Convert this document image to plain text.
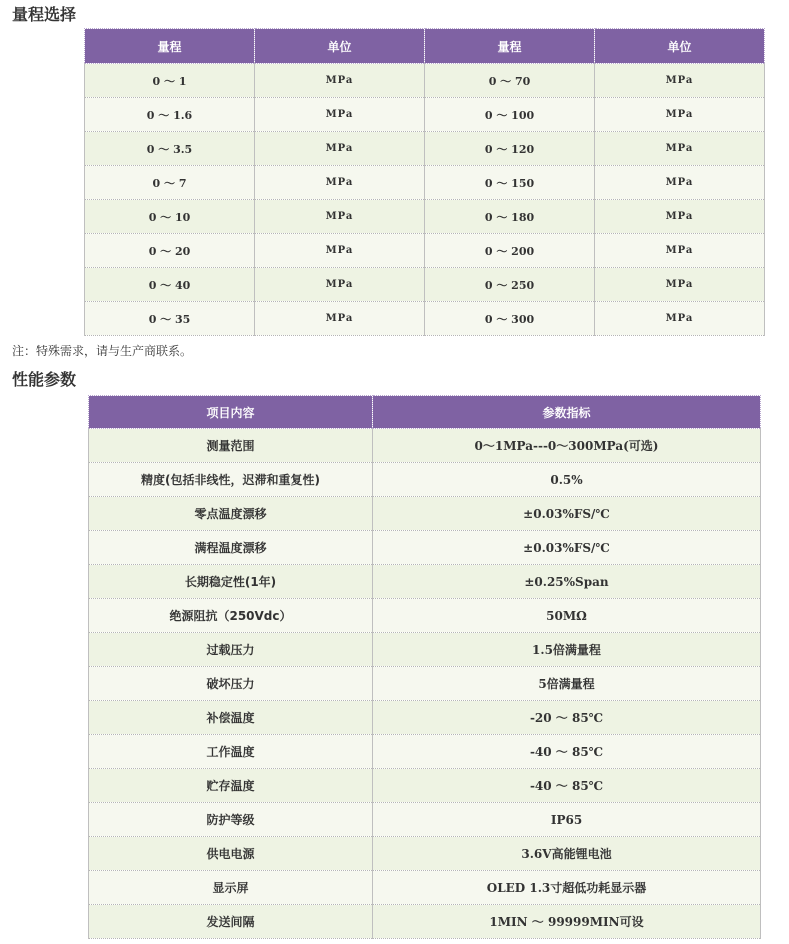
量程选择
量程	单位	量程	单位
0 ～ 1	MPa	0 ～ 70	MPa
0 ～ 1.6	MPa	0 ～ 100	MPa
0 ～ 3.5	MPa	0 ～ 120	MPa
0 ～ 7	MPa	0 ～ 150	MPa
0 ～ 10	MPa	0 ～ 180	MPa
0 ～ 20	MPa	0 ～ 200	MPa
0 ～ 40	MPa	0 ～ 250	MPa
0 ～ 35	MPa	0 ～ 300	MPa
注：特殊需求，请与生产商联系。
性能参数
项目内容	参数指标
测量范围	0～1MPa---0～300MPa(可选)
精度(包括非线性，迟滞和重复性)	0.5%
零点温度漂移	±0.03%FS/℃
满程温度漂移	±0.03%FS/℃
长期稳定性(1年)	±0.25%Span
绝源阻抗（250Vdc）	50MΩ
过载压力	1.5倍满量程
破坏压力	5倍满量程
补偿温度	-20 ～ 85℃
工作温度	-40 ～ 85℃
贮存温度	-40 ～ 85℃
防护等级	IP65
供电电源	3.6V高能锂电池
显示屏	OLED 1.3寸超低功耗显示器
发送间隔	1MIN ～ 99999MIN可设
